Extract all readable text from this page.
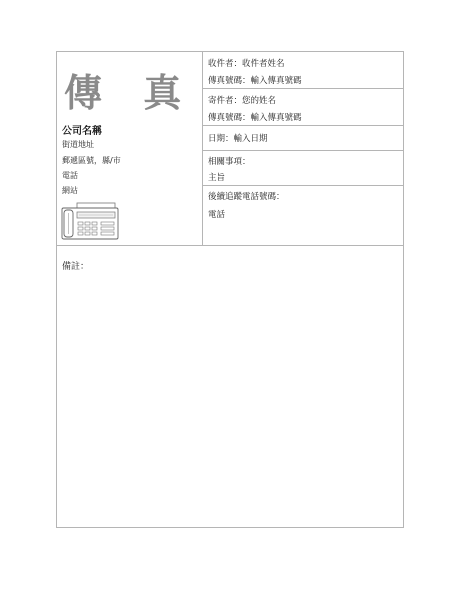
傳 真
公司名稱
街道地址
郵遞區號，縣/市
電話
網站
收件者：收件者姓名
傳真號碼：輸入傳真號碼
寄件者：您的姓名
傳真號碼：輸入傳真號碼
日期：輸入日期
相關事項：
主旨
後續追蹤電話號碼：
電話
備註：
